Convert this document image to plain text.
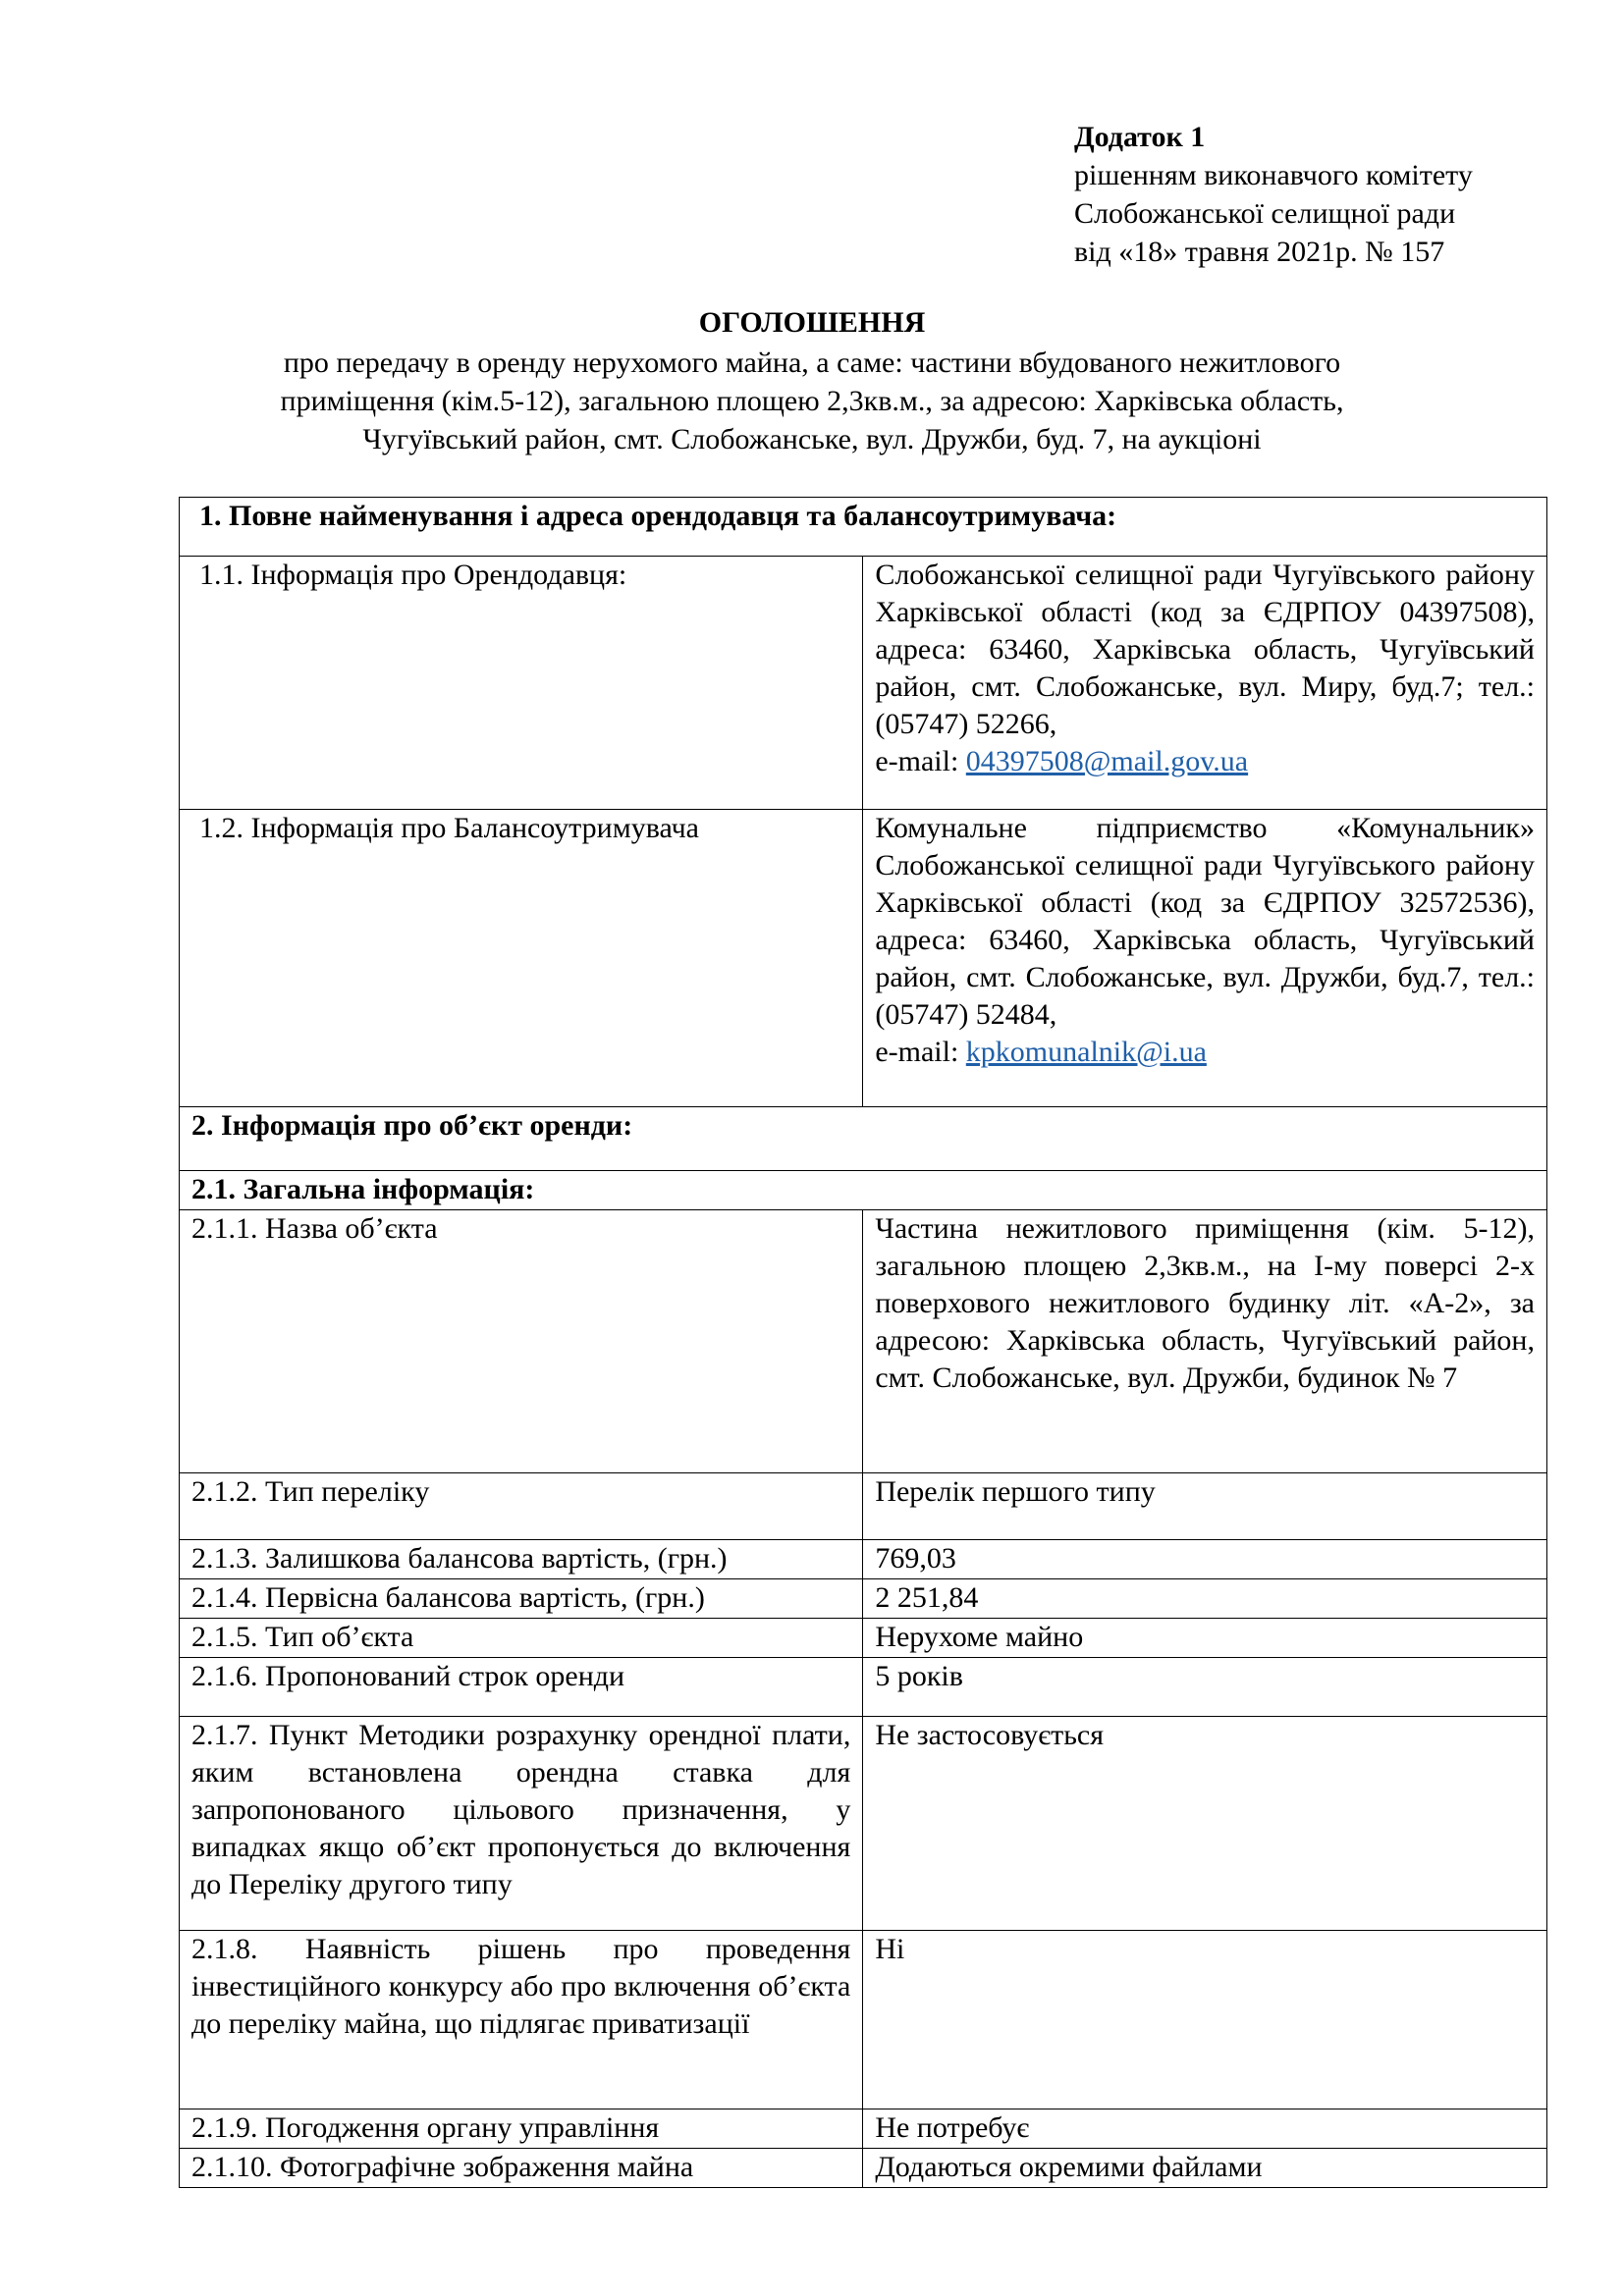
Додаток 1
рішенням виконавчого комітету
Слобожанської селищної ради
від «18» травня 2021р. № 157
ОГОЛОШЕННЯ
про передачу в оренду нерухомого майна, а саме: частини вбудованого нежитлового
приміщення (кім.5-12), загальною площею 2,3кв.м., за адресою: Харківська область,
Чугуївський район, смт. Слобожанське, вул. Дружби, буд. 7, на аукціоні
1. Повне найменування і адреса орендодавця та балансоутримувача:	
1.1. Інформація про Орендодавця:	Слобожанської селищної ради Чугуївського району Харківської області (код за ЄДРПОУ 04397508), адреса: 63460, Харківська область, Чугуївський район, смт. Слобожанське, вул. Миру, буд.7; тел.: (05747) 52266,
e-mail: 04397508@mail.gov.ua
1.2. Інформація про Балансоутримувача	Комунальне підприємство «Комунальник» Слобожанської селищної ради Чугуївського району Харківської області (код за ЄДРПОУ 32572536), адреса: 63460, Харківська область, Чугуївський район, смт. Слобожанське, вул. Дружби, буд.7, тел.: (05747) 52484,
e-mail: kpkomunalnik@i.ua
2. Інформація про об’єкт оренди:	
2.1. Загальна інформація:	
2.1.1. Назва об’єкта	Частина нежитлового приміщення (кім. 5-12), загальною площею 2,3кв.м., на І-му поверсі 2-х поверхового нежитлового будинку літ. «А-2», за адресою: Харківська область, Чугуївський район, смт. Слобожанське, вул. Дружби, будинок № 7
2.1.2. Тип переліку	Перелік першого типу
2.1.3. Залишкова балансова вартість, (грн.)	769,03
2.1.4. Первісна балансова вартість, (грн.)	2 251,84
2.1.5. Тип об’єкта	Нерухоме майно
2.1.6. Пропонований строк оренди	5 років
2.1.7. Пункт Методики розрахунку орендної плати, яким встановлена орендна ставка для запропонованого цільового призначення, у випадках якщо об’єкт пропонується до включення до Переліку другого типу	Не застосовується
2.1.8. Наявність рішень про проведення інвестиційного конкурсу або про включення об’єкта до переліку майна, що підлягає приватизації	Ні
2.1.9. Погодження органу управління	Не потребує
2.1.10. Фотографічне зображення майна	Додаються окремими файлами
